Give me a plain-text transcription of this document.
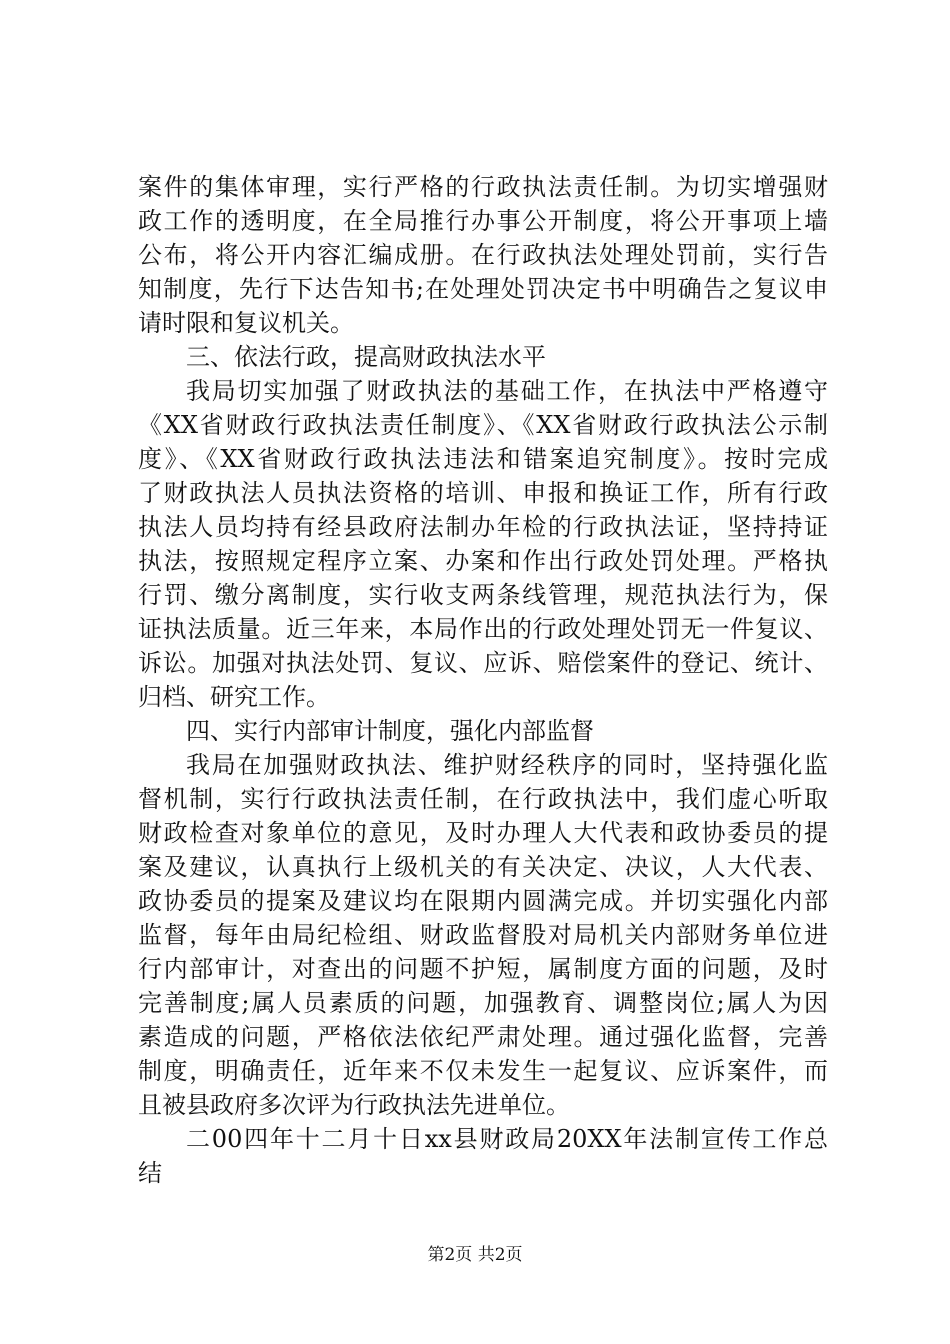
案件的集体审理，实行严格的行政执法责任制。为切实增强财
政工作的透明度，在全局推行办事公开制度，将公开事项上墙
公布，将公开内容汇编成册。在行政执法处理处罚前，实行告
知制度，先行下达告知书;在处理处罚决定书中明确告之复议申
请时限和复议机关。
三、依法行政，提高财政执法水平
我局切实加强了财政执法的基础工作，在执法中严格遵守
《XX省财政行政执法责任制度》、《XX省财政行政执法公示制
度》、《XX省财政行政执法违法和错案追究制度》。按时完成
了财政执法人员执法资格的培训、申报和换证工作，所有行政
执法人员均持有经县政府法制办年检的行政执法证，坚持持证
执法，按照规定程序立案、办案和作出行政处罚处理。严格执
行罚、缴分离制度，实行收支两条线管理，规范执法行为，保
证执法质量。近三年来，本局作出的行政处理处罚无一件复议、
诉讼。加强对执法处罚、复议、应诉、赔偿案件的登记、统计、
归档、研究工作。
四、实行内部审计制度，强化内部监督
我局在加强财政执法、维护财经秩序的同时，坚持强化监
督机制，实行行政执法责任制，在行政执法中，我们虚心听取
财政检查对象单位的意见，及时办理人大代表和政协委员的提
案及建议，认真执行上级机关的有关决定、决议，人大代表、
政协委员的提案及建议均在限期内圆满完成。并切实强化内部
监督，每年由局纪检组、财政监督股对局机关内部财务单位进
行内部审计，对查出的问题不护短，属制度方面的问题，及时
完善制度;属人员素质的问题，加强教育、调整岗位;属人为因
素造成的问题，严格依法依纪严肃处理。通过强化监督，完善
制度，明确责任，近年来不仅未发生一起复议、应诉案件，而
且被县政府多次评为行政执法先进单位。
二00四年十二月十日xx县财政局20XX年法制宣传工作总
结
第2页 共2页
